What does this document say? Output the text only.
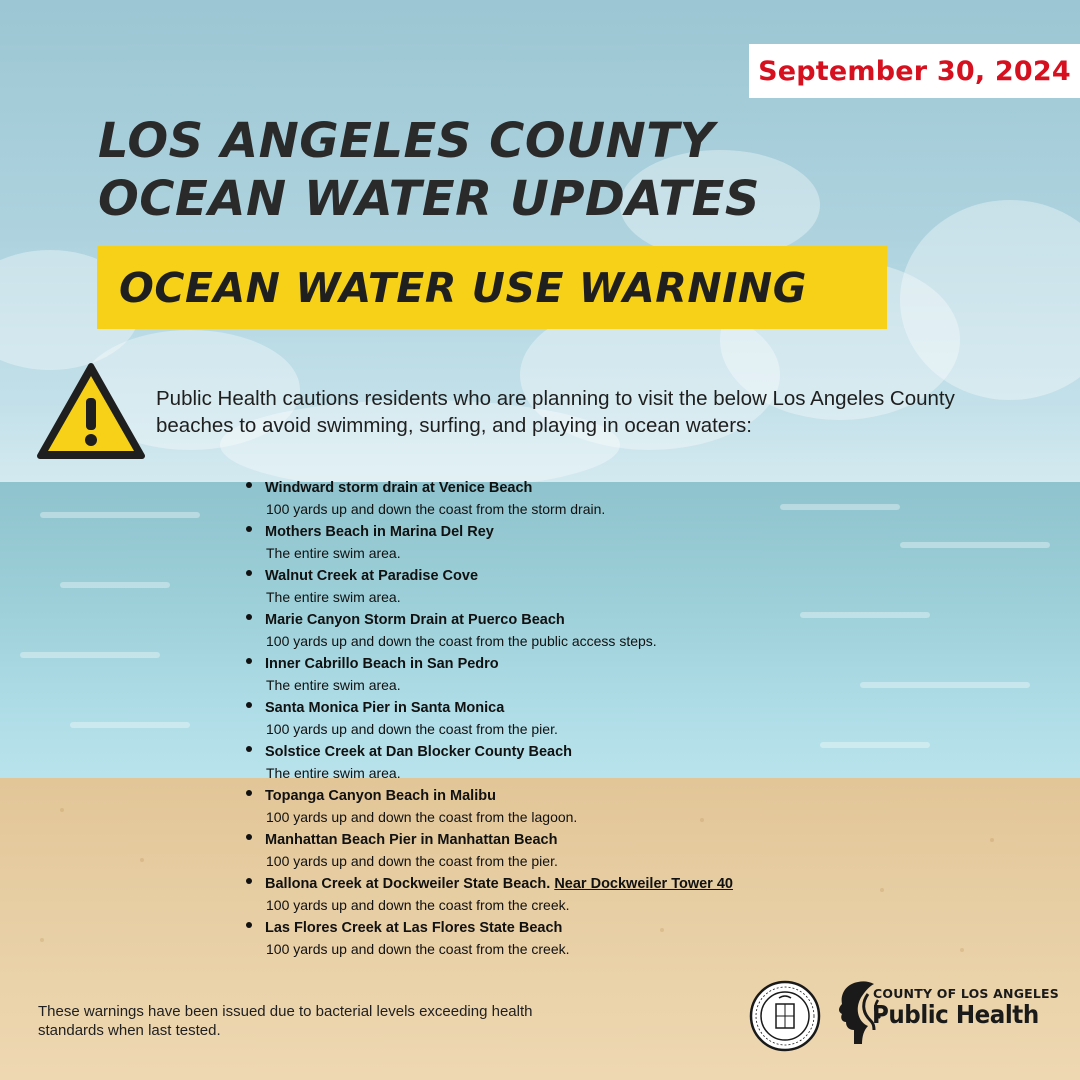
September 30, 2024
LOS ANGELES COUNTY
OCEAN WATER UPDATES
OCEAN WATER USE WARNING
Public Health cautions residents who are planning to visit the below Los Angeles County beaches to avoid swimming, surfing, and playing in ocean waters:
Windward storm drain at Venice Beach
100 yards up and down the coast from the storm drain.
Mothers Beach in Marina Del Rey
The entire swim area.
Walnut Creek at Paradise Cove
The entire swim area.
Marie Canyon Storm Drain at Puerco Beach
100 yards up and down the coast from the public access steps.
Inner Cabrillo Beach in San Pedro
The entire swim area.
Santa Monica Pier in Santa Monica
100 yards up and down the coast from the pier.
Solstice Creek at Dan Blocker County Beach
The entire swim area.
Topanga Canyon Beach in Malibu
100 yards up and down the coast from the lagoon.
Manhattan Beach Pier in Manhattan Beach
100 yards up and down the coast from the pier.
Ballona Creek at Dockweiler State Beach. Near Dockweiler Tower 40
100 yards up and down the coast from the creek.
Las Flores Creek at Las Flores State Beach
100 yards up and down the coast from the creek.
These warnings have been issued due to bacterial levels exceeding health standards when last tested.
COUNTY OF LOS ANGELES
Public Health
